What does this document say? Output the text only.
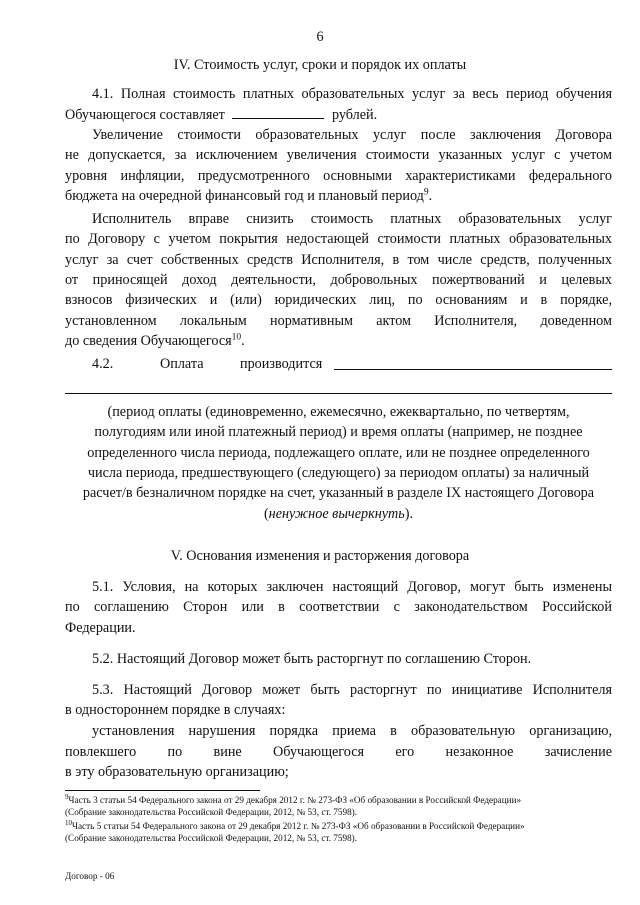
6
IV. Стоимость услуг, сроки и порядок их оплаты
4.1. Полная стоимость платных образовательных услуг за весь период обучения
Обучающегося составляет	рублей.
Увеличение стоимости образовательных услуг после заключения Договора
не допускается, за исключением увеличения стоимости указанных услуг с учетом
уровня инфляции, предусмотренного основными характеристиками федерального
бюджета на очередной финансовый год и плановый период$^9$.
Исполнитель вправе снизить стоимость платных образовательных услуг
по Договору с учетом покрытия недостающей стоимости платных образовательных
услуг за счет собственных средств Исполнителя, в том числе средств, полученных
от приносящей доход деятельности, добровольных пожертвований и целевых
взносов физических и (или) юридических лиц, по основаниям и в порядке,
установленном локальным нормативным актом Исполнителя, доведенном
до сведения Обучающегося$^{10}$.
4.2.	Оплата	производится
(период оплаты (единовременно, ежемесячно, ежеквартально, по четвертям,
полугодиям или иной платежный период) и время оплаты (например, не позднее
определенного числа периода, подлежащего оплате, или не позднее определенного
числа периода, предшествующего (следующего) за периодом оплаты) за наличный
расчет/в безналичном порядке на счет, указанный в разделе IX настоящего Договора
(ненужное вычеркнуть).
V. Основания изменения и расторжения договора
5.1. Условия, на которых заключен настоящий Договор, могут быть изменены
по соглашению Сторон или в соответствии с законодательством Российской
Федерации.
5.2. Настоящий Договор может быть расторгнут по соглашению Сторон.
5.3. Настоящий Договор может быть расторгнут по инициативе Исполнителя
в одностороннем порядке в случаях:
установления нарушения порядка приема в образовательную организацию,
повлекшего по вине Обучающегося его незаконное зачисление
в эту образовательную организацию;
$^9$Часть 3 статьи 54 Федерального закона от 29 декабря 2012 г. № 273-ФЗ «Об образовании в Российской Федерации»
(Собрание законодательства Российской Федерации, 2012, № 53, ст. 7598).
$^{10}$Часть 5 статьи 54 Федерального закона от 29 декабря 2012 г. № 273-ФЗ «Об образовании в Российской Федерации»
(Собрание законодательства Российской Федерации, 2012, № 53, ст. 7598).
Договор - 06
